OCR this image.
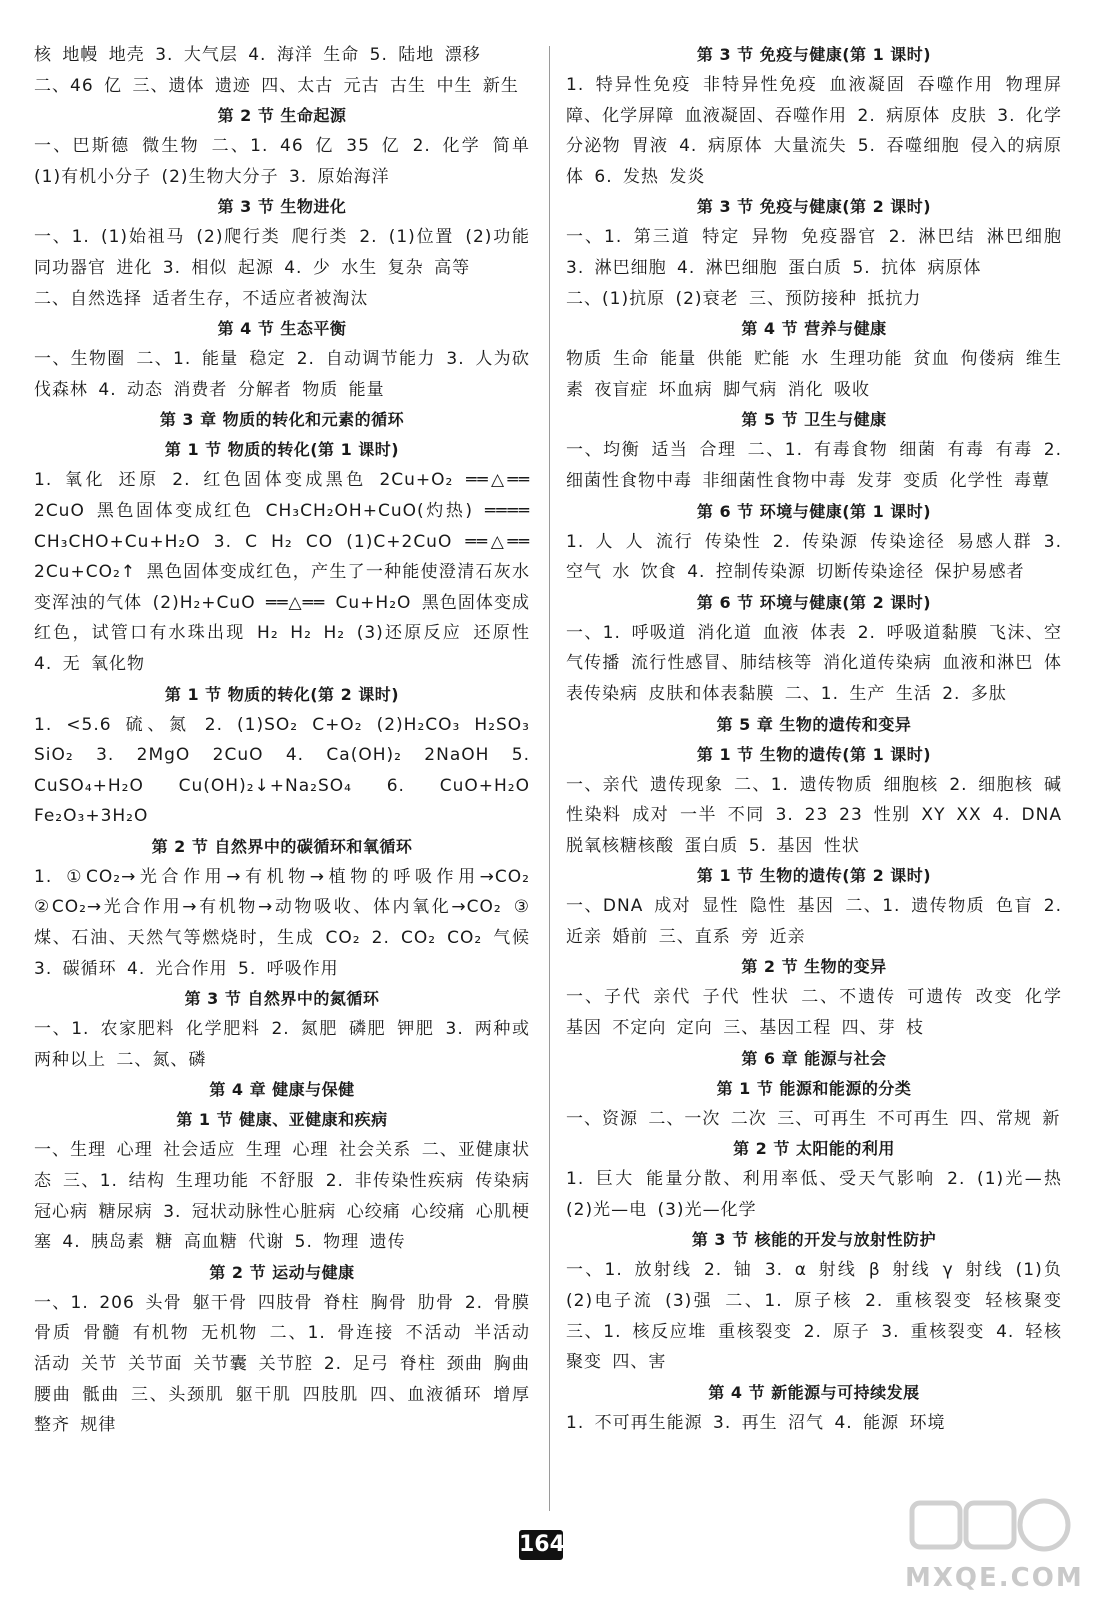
核 地幔 地壳 3. 大气层 4. 海洋 生命 5. 陆地 漂移
二、46 亿 三、遗体 遗迹 四、太古 元古 古生 中生 新生
第 2 节 生命起源
一、巴斯德 微生物 二、1. 46 亿 35 亿 2. 化学 简单 (1)有机小分子 (2)生物大分子 3. 原始海洋
第 3 节 生物进化
一、1. (1)始祖马 (2)爬行类 爬行类 2. (1)位置 (2)功能 同功器官 进化 3. 相似 起源 4. 少 水生 复杂 高等
二、自然选择 适者生存，不适应者被淘汰
第 4 节 生态平衡
一、生物圈 二、1. 能量 稳定 2. 自动调节能力 3. 人为砍伐森林 4. 动态 消费者 分解者 物质 能量
第 3 章 物质的转化和元素的循环
第 1 节 物质的转化(第 1 课时)
1. 氧化 还原 2. 红色固体变成黑色 2Cu+O₂ ══△══ 2CuO 黑色固体变成红色 CH₃CH₂OH+CuO(灼热) ════ CH₃CHO+Cu+H₂O 3. C H₂ CO (1)C+2CuO ══△══ 2Cu+CO₂↑ 黑色固体变成红色，产生了一种能使澄清石灰水变浑浊的气体 (2)H₂+CuO ══△══ Cu+H₂O 黑色固体变成红色，试管口有水珠出现 H₂ H₂ H₂ (3)还原反应 还原性 4. 无 氧化物
第 1 节 物质的转化(第 2 课时)
1. <5.6 硫、氮 2. (1)SO₂ C+O₂ (2)H₂CO₃ H₂SO₃ SiO₂ 3. 2MgO 2CuO 4. Ca(OH)₂ 2NaOH 5. CuSO₄+H₂O Cu(OH)₂↓+Na₂SO₄ 6. CuO+H₂O Fe₂O₃+3H₂O
第 2 节 自然界中的碳循环和氧循环
1. ①CO₂→光合作用→有机物→植物的呼吸作用→CO₂ ②CO₂→光合作用→有机物→动物吸收、体内氧化→CO₂ ③煤、石油、天然气等燃烧时，生成 CO₂ 2. CO₂ CO₂ 气候 3. 碳循环 4. 光合作用 5. 呼吸作用
第 3 节 自然界中的氮循环
一、1. 农家肥料 化学肥料 2. 氮肥 磷肥 钾肥 3. 两种或两种以上 二、氮、磷
第 4 章 健康与保健
第 1 节 健康、亚健康和疾病
一、生理 心理 社会适应 生理 心理 社会关系 二、亚健康状态 三、1. 结构 生理功能 不舒服 2. 非传染性疾病 传染病 冠心病 糖尿病 3. 冠状动脉性心脏病 心绞痛 心绞痛 心肌梗塞 4. 胰岛素 糖 高血糖 代谢 5. 物理 遗传
第 2 节 运动与健康
一、1. 206 头骨 躯干骨 四肢骨 脊柱 胸骨 肋骨 2. 骨膜 骨质 骨髓 有机物 无机物 二、1. 骨连接 不活动 半活动 活动 关节 关节面 关节囊 关节腔 2. 足弓 脊柱 颈曲 胸曲 腰曲 骶曲 三、头颈肌 躯干肌 四肢肌 四、血液循环 增厚 整齐 规律
第 3 节 免疫与健康(第 1 课时)
1. 特异性免疫 非特异性免疫 血液凝固 吞噬作用 物理屏障、化学屏障 血液凝固、吞噬作用 2. 病原体 皮肤 3. 化学分泌物 胃液 4. 病原体 大量流失 5. 吞噬细胞 侵入的病原体 6. 发热 发炎
第 3 节 免疫与健康(第 2 课时)
一、1. 第三道 特定 异物 免疫器官 2. 淋巴结 淋巴细胞 3. 淋巴细胞 4. 淋巴细胞 蛋白质 5. 抗体 病原体
二、(1)抗原 (2)衰老 三、预防接种 抵抗力
第 4 节 营养与健康
物质 生命 能量 供能 贮能 水 生理功能 贫血 佝偻病 维生素 夜盲症 坏血病 脚气病 消化 吸收
第 5 节 卫生与健康
一、均衡 适当 合理 二、1. 有毒食物 细菌 有毒 有毒 2. 细菌性食物中毒 非细菌性食物中毒 发芽 变质 化学性 毒蕈
第 6 节 环境与健康(第 1 课时)
1. 人 人 流行 传染性 2. 传染源 传染途径 易感人群 3. 空气 水 饮食 4. 控制传染源 切断传染途径 保护易感者
第 6 节 环境与健康(第 2 课时)
一、1. 呼吸道 消化道 血液 体表 2. 呼吸道黏膜 飞沫、空气传播 流行性感冒、肺结核等 消化道传染病 血液和淋巴 体表传染病 皮肤和体表黏膜 二、1. 生产 生活 2. 多肽
第 5 章 生物的遗传和变异
第 1 节 生物的遗传(第 1 课时)
一、亲代 遗传现象 二、1. 遗传物质 细胞核 2. 细胞核 碱性染料 成对 一半 不同 3. 23 23 性别 XY XX 4. DNA 脱氧核糖核酸 蛋白质 5. 基因 性状
第 1 节 生物的遗传(第 2 课时)
一、DNA 成对 显性 隐性 基因 二、1. 遗传物质 色盲 2. 近亲 婚前 三、直系 旁 近亲
第 2 节 生物的变异
一、子代 亲代 子代 性状 二、不遗传 可遗传 改变 化学 基因 不定向 定向 三、基因工程 四、芽 枝
第 6 章 能源与社会
第 1 节 能源和能源的分类
一、资源 二、一次 二次 三、可再生 不可再生 四、常规 新
第 2 节 太阳能的利用
1. 巨大 能量分散、利用率低、受天气影响 2. (1)光—热 (2)光—电 (3)光—化学
第 3 节 核能的开发与放射性防护
一、1. 放射线 2. 铀 3. α 射线 β 射线 γ 射线 (1)负 (2)电子流 (3)强 二、1. 原子核 2. 重核裂变 轻核聚变 三、1. 核反应堆 重核裂变 2. 原子 3. 重核裂变 4. 轻核聚变 四、害
第 4 节 新能源与可持续发展
1. 不可再生能源 3. 再生 沼气 4. 能源 环境
164
MXQE.COM
